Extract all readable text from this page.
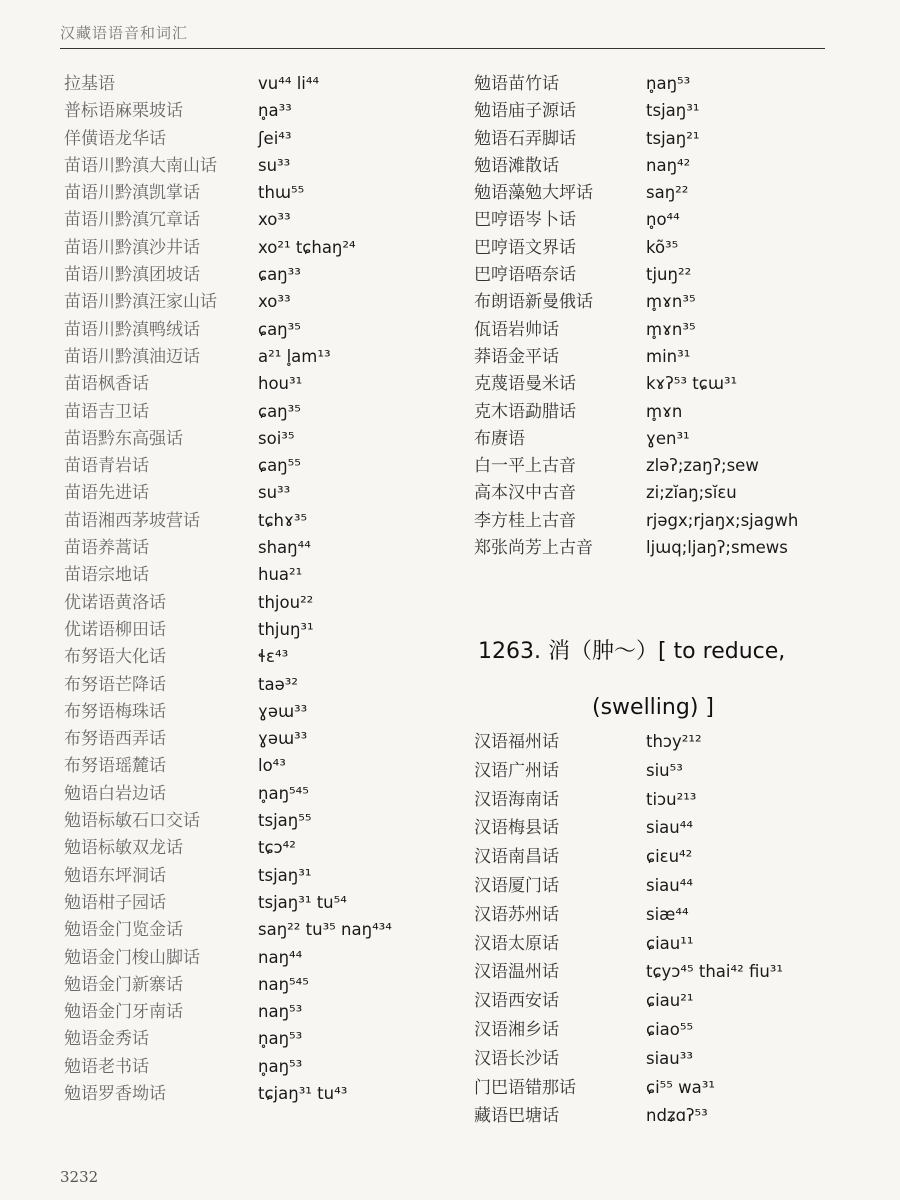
汉藏语语音和词汇
拉基语	vu⁴⁴ li⁴⁴
普标语麻栗坡话	n̥a³³
佯僙语龙华话	ʃei⁴³
苗语川黔滇大南山话	su³³
苗语川黔滇凯掌话	thɯ⁵⁵
苗语川黔滇冗章话	xo³³
苗语川黔滇沙井话	xo²¹ tɕhaŋ²⁴
苗语川黔滇团坡话	ɕaŋ³³
苗语川黔滇汪家山话	xo³³
苗语川黔滇鸭绒话	ɕaŋ³⁵
苗语川黔滇油迈话	a²¹ l̥am¹³
苗语枫香话	hou³¹
苗语吉卫话	ɕaŋ³⁵
苗语黔东高强话	soi³⁵
苗语青岩话	ɕaŋ⁵⁵
苗语先进话	su³³
苗语湘西茅坡营话	tɕhɤ³⁵
苗语养蒿话	shaŋ⁴⁴
苗语宗地话	hua²¹
优诺语黄洛话	thjou²²
优诺语柳田话	thjuŋ³¹
布努语大化话	ɬɛ⁴³
布努语芒降话	taə³²
布努语梅珠话	ɣəɯ³³
布努语西弄话	ɣəɯ³³
布努语瑶麓话	lo⁴³
勉语白岩边话	n̥aŋ⁵⁴⁵
勉语标敏石口交话	tsjaŋ⁵⁵
勉语标敏双龙话	tɕɔ⁴²
勉语东坪洞话	tsjaŋ³¹
勉语柑子园话	tsjaŋ³¹ tu⁵⁴
勉语金门览金话	saŋ²² tu³⁵ naŋ⁴³⁴
勉语金门梭山脚话	naŋ⁴⁴
勉语金门新寨话	naŋ⁵⁴⁵
勉语金门牙南话	naŋ⁵³
勉语金秀话	n̥aŋ⁵³
勉语老书话	n̥aŋ⁵³
勉语罗香坳话	tɕjaŋ³¹ tu⁴³
勉语苗竹话	n̥aŋ⁵³
勉语庙子源话	tsjaŋ³¹
勉语石弄脚话	tsjaŋ²¹
勉语滩散话	naŋ⁴²
勉语藻勉大坪话	saŋ²²
巴哼语岑卜话	n̥o⁴⁴
巴哼语文界话	kõ³⁵
巴哼语唔奈话	tjuŋ²²
布朗语新曼俄话	m̥ɤn³⁵
佤语岩帅话	m̥ɤn³⁵
莽语金平话	min³¹
克蔑语曼米话	kɤʔ⁵³ tɕɯ³¹
克木语勐腊话	m̥ɤn
布赓语	ɣen³¹
白一平上古音	zləʔ;zaŋʔ;sew
高本汉中古音	zi;zĭaŋ;sĭɛu
李方桂上古音	rjəgx;rjaŋx;sjagwh
郑张尚芳上古音	ljɯq;ljaŋʔ;smews
1263. 消（肿～）[ to reduce,
(swelling) ]
汉语福州话	thɔy²¹²
汉语广州话	siu⁵³
汉语海南话	tiɔu²¹³
汉语梅县话	siau⁴⁴
汉语南昌话	ɕiɛu⁴²
汉语厦门话	siau⁴⁴
汉语苏州话	siæ⁴⁴
汉语太原话	ɕiau¹¹
汉语温州话	tɕyɔ⁴⁵ thai⁴² fiu³¹
汉语西安话	ɕiau²¹
汉语湘乡话	ɕiao⁵⁵
汉语长沙话	siau³³
门巴语错那话	ɕi⁵⁵ wa³¹
藏语巴塘话	ndʑɑʔ⁵³
3232
